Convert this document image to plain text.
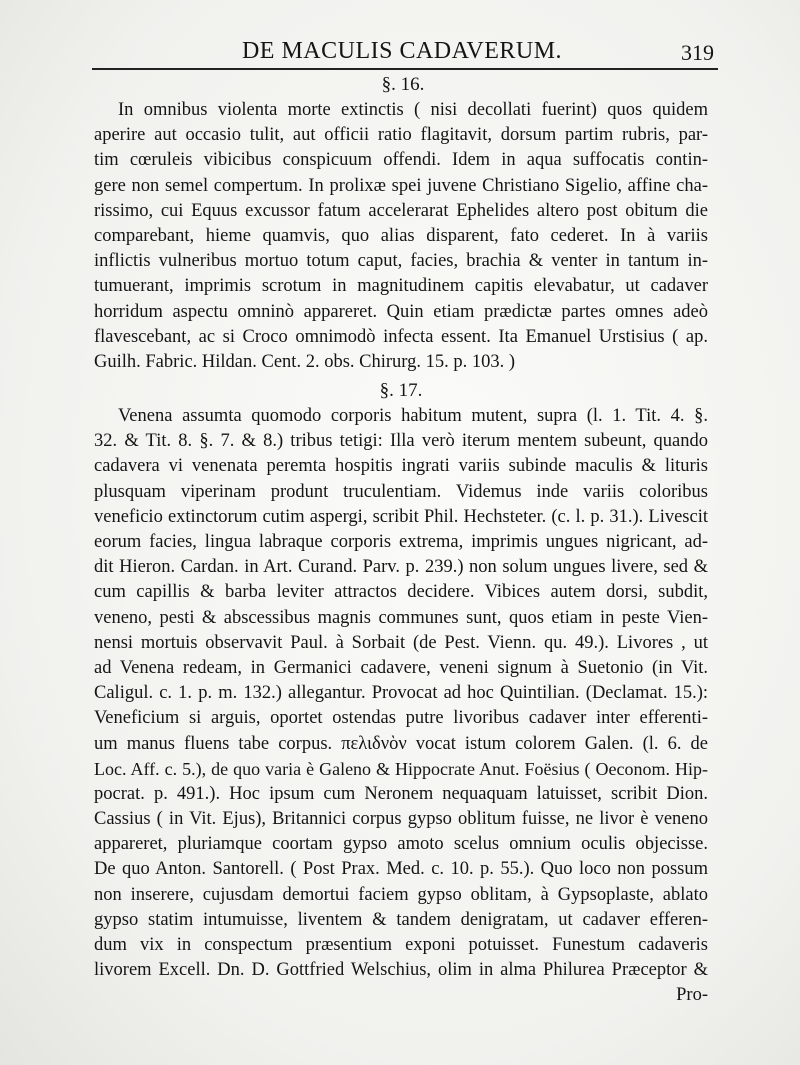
DE MACULIS CADAVERUM.	319
§. 16.
In omnibus violenta morte extinctis ( nisi decollati fuerint) quos quidem
aperire aut occasio tulit, aut officii ratio flagitavit, dorsum partim rubris, par-
tim cœruleis vibicibus conspicuum offendi. Idem in aqua suffocatis contin-
gere non semel compertum. In prolixæ spei juvene Christiano Sigelio, affine cha-
rissimo, cui Equus excussor fatum accelerarat Ephelides altero post obitum die
comparebant, hieme quamvis, quo alias disparent, fato cederet. In à variis
inflictis vulneribus mortuo totum caput, facies, brachia & venter in tantum in-
tumuerant, imprimis scrotum in magnitudinem capitis elevabatur, ut cadaver
horridum aspectu omninò appareret. Quin etiam prædictæ partes omnes adeò
flavescebant, ac si Croco omnimodò infecta essent. Ita Emanuel Urstisius ( ap.
Guilh. Fabric. Hildan. Cent. 2. obs. Chirurg. 15. p. 103. )
§. 17.
Venena assumta quomodo corporis habitum mutent, supra (l. 1. Tit. 4. §.
32. & Tit. 8. §. 7. & 8.) tribus tetigi: Illa verò iterum mentem subeunt, quando
cadavera vi venenata peremta hospitis ingrati variis subinde maculis & lituris
plusquam viperinam produnt truculentiam. Videmus inde variis coloribus
veneficio extinctorum cutim aspergi, scribit Phil. Hechsteter. (c. l. p. 31.). Livescit
eorum facies, lingua labraque corporis extrema, imprimis ungues nigricant, ad-
dit Hieron. Cardan. in Art. Curand. Parv. p. 239.) non solum ungues livere, sed &
cum capillis & barba leviter attractos decidere. Vibices autem dorsi, subdit,
veneno, pesti & abscessibus magnis communes sunt, quos etiam in peste Vien-
nensi mortuis observavit Paul. à Sorbait (de Pest. Vienn. qu. 49.). Livores , ut
ad Venena redeam, in Germanici cadavere, veneni signum à Suetonio (in Vit.
Caligul. c. 1. p. m. 132.) allegantur. Provocat ad hoc Quintilian. (Declamat. 15.):
Veneficium si arguis, oportet ostendas putre livoribus cadaver inter efferenti-
um manus fluens tabe corpus. πελιδνὸν vocat istum colorem Galen. (l. 6. de
Loc. Aff. c. 5.), de quo varia è Galeno & Hippocrate Anut. Foësius ( Oeconom. Hip-
pocrat. p. 491.). Hoc ipsum cum Neronem nequaquam latuisset, scribit Dion.
Cassius ( in Vit. Ejus), Britannici corpus gypso oblitum fuisse, ne livor è veneno
appareret, pluriamque coortam gypso amoto scelus omnium oculis objecisse.
De quo Anton. Santorell. ( Post Prax. Med. c. 10. p. 55.). Quo loco non possum
non inserere, cujusdam demortui faciem gypso oblitam, à Gypsoplaste, ablato
gypso statim intumuisse, liventem & tandem denigratam, ut cadaver efferen-
dum vix in conspectum præsentium exponi potuisset. Funestum cadaveris
livorem Excell. Dn. D. Gottfried Welschius, olim in alma Philurea Præceptor &
Pro-
